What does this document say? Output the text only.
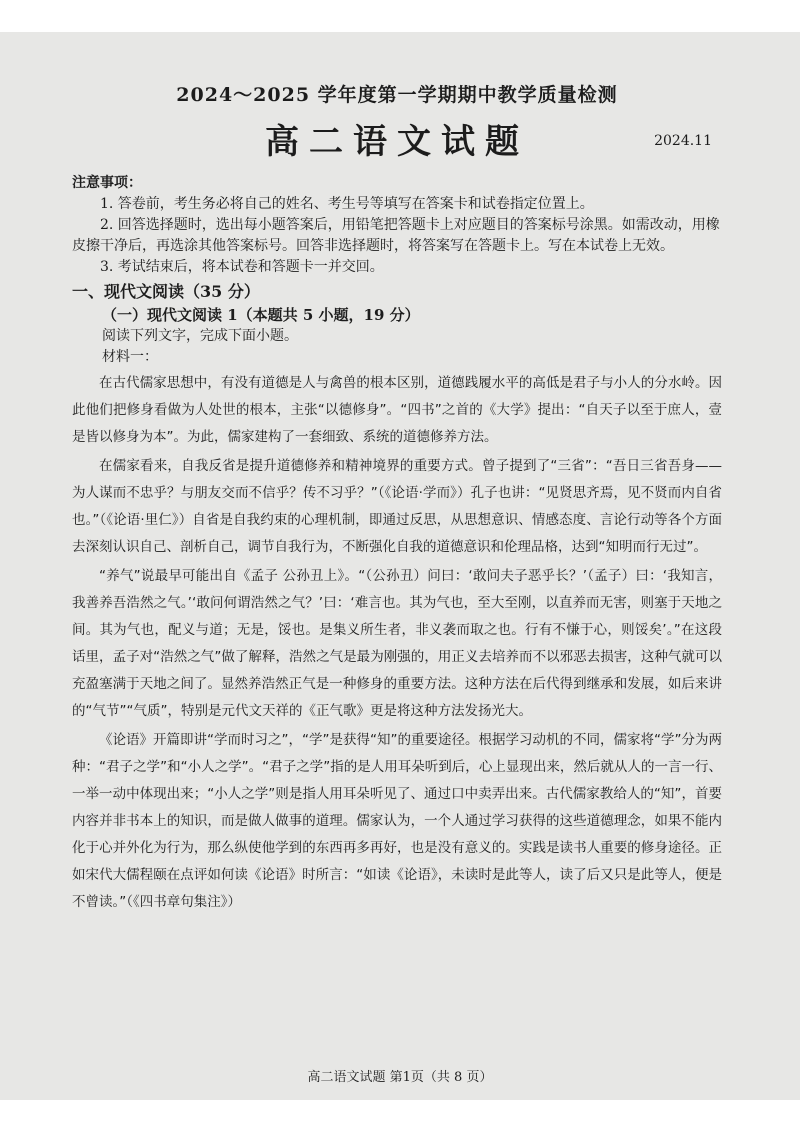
2024～2025 学年度第一学期期中教学质量检测
高二语文试题	2024.11
注意事项：
1. 答卷前，考生务必将自己的姓名、考生号等填写在答案卡和试卷指定位置上。
2. 回答选择题时，选出每小题答案后，用铅笔把答题卡上对应题目的答案标号涂黑。如需改动，用橡皮擦干净后，再选涂其他答案标号。回答非选择题时，将答案写在答题卡上。写在本试卷上无效。
3. 考试结束后，将本试卷和答题卡一并交回。
一、现代文阅读（35 分）
（一）现代文阅读 1（本题共 5 小题，19 分）
阅读下列文字，完成下面小题。
材料一：

在古代儒家思想中，有没有道德是人与禽兽的根本区别，道德践履水平的高低是君子与小人的分水岭。因此他们把修身看做为人处世的根本，主张“以德修身”。“四书”之首的《大学》提出：“自天子以至于庶人，壹是皆以修身为本”。为此，儒家建构了一套细致、系统的道德修养方法。

在儒家看来，自我反省是提升道德修养和精神境界的重要方式。曾子提到了“三省”：“吾日三省吾身——为人谋而不忠乎？与朋友交而不信乎？传不习乎？”（《论语·学而》）孔子也讲：“见贤思齐焉，见不贤而内自省也。”（《论语·里仁》）自省是自我约束的心理机制，即通过反思，从思想意识、情感态度、言论行动等各个方面去深刻认识自己、剖析自己，调节自我行为，不断强化自我的道德意识和伦理品格，达到“知明而行无过”。

“养气”说最早可能出自《孟子 公孙丑上》。“（公孙丑）问曰：‘敢问夫子恶乎长？’（孟子）曰：‘我知言，我善养吾浩然之气。’‘敢问何谓浩然之气？’曰：‘难言也。其为气也，至大至刚，以直养而无害，则塞于天地之间。其为气也，配义与道；无是，馁也。是集义所生者，非义袭而取之也。行有不慊于心，则馁矣’。”在这段话里，孟子对“浩然之气”做了解释，浩然之气是最为刚强的，用正义去培养而不以邪恶去损害，这种气就可以充盈塞满于天地之间了。显然养浩然正气是一种修身的重要方法。这种方法在后代得到继承和发展，如后来讲的“气节”“气质”，特别是元代文天祥的《正气歌》更是将这种方法发扬光大。

《论语》开篇即讲“学而时习之”，“学”是获得“知”的重要途径。根据学习动机的不同，儒家将“学”分为两种：“君子之学”和“小人之学”。“君子之学”指的是人用耳朵听到后，心上显现出来，然后就从人的一言一行、一举一动中体现出来；“小人之学”则是指人用耳朵听见了、通过口中卖弄出来。古代儒家教给人的“知”，首要内容并非书本上的知识，而是做人做事的道理。儒家认为，一个人通过学习获得的这些道德理念，如果不能内化于心并外化为行为，那么纵使他学到的东西再多再好，也是没有意义的。实践是读书人重要的修身途径。正如宋代大儒程颐在点评如何读《论语》时所言：“如读《论语》，未读时是此等人，读了后又只是此等人，便是不曾读。”（《四书章句集注》）

高二语文试题 第1页（共 8 页）
